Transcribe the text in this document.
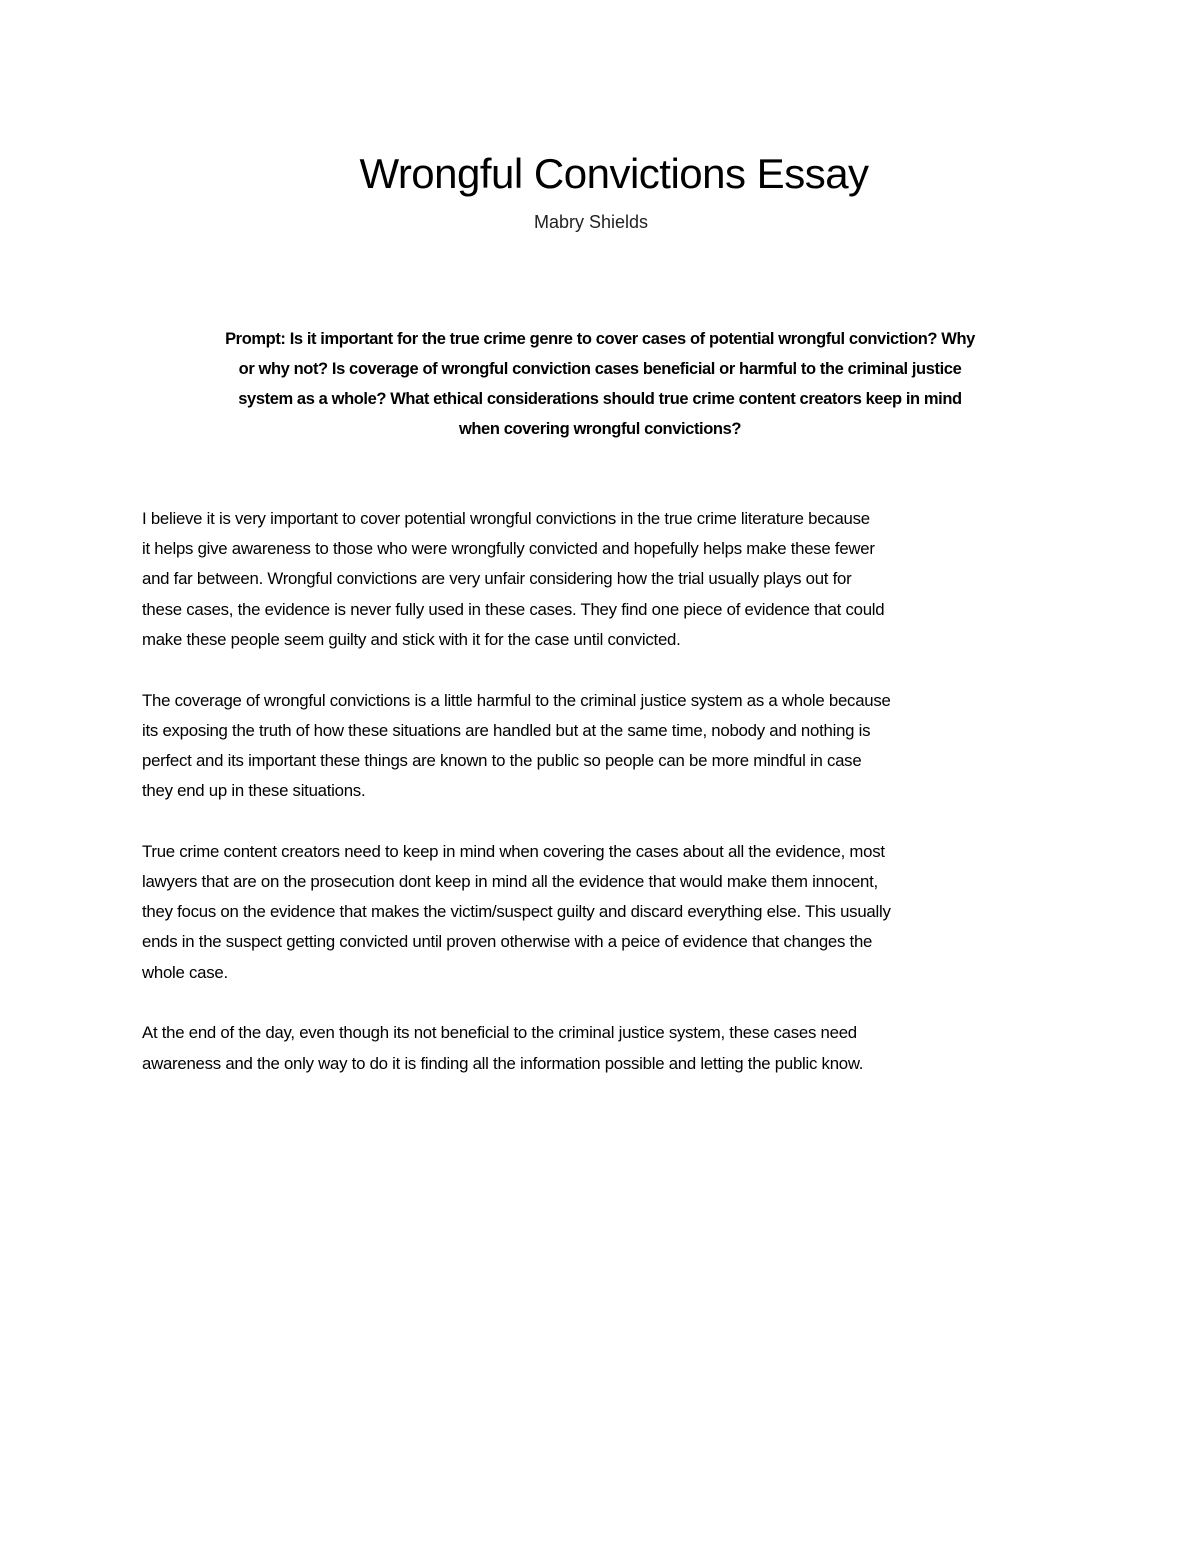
Wrongful Convictions Essay
Mabry Shields
Prompt: Is it important for the true crime genre to cover cases of potential wrongful conviction? Why
or why not? Is coverage of wrongful conviction cases beneficial or harmful to the criminal justice
system as a whole? What ethical considerations should true crime content creators keep in mind
when covering wrongful convictions?
I believe it is very important to cover potential wrongful convictions in the true crime literature because
it helps give awareness to those who were wrongfully convicted and hopefully helps make these fewer
and far between. Wrongful convictions are very unfair considering how the trial usually plays out for
these cases, the evidence is never fully used in these cases. They find one piece of evidence that could
make these people seem guilty and stick with it for the case until convicted.
The coverage of wrongful convictions is a little harmful to the criminal justice system as a whole because
its exposing the truth of how these situations are handled but at the same time, nobody and nothing is
perfect and its important these things are known to the public so people can be more mindful in case
they end up in these situations.
True crime content creators need to keep in mind when covering the cases about all the evidence, most
lawyers that are on the prosecution dont keep in mind all the evidence that would make them innocent,
they focus on the evidence that makes the victim/suspect guilty and discard everything else. This usually
ends in the suspect getting convicted until proven otherwise with a peice of evidence that changes the
whole case.
At the end of the day, even though its not beneficial to the criminal justice system, these cases need
awareness and the only way to do it is finding all the information possible and letting the public know.
